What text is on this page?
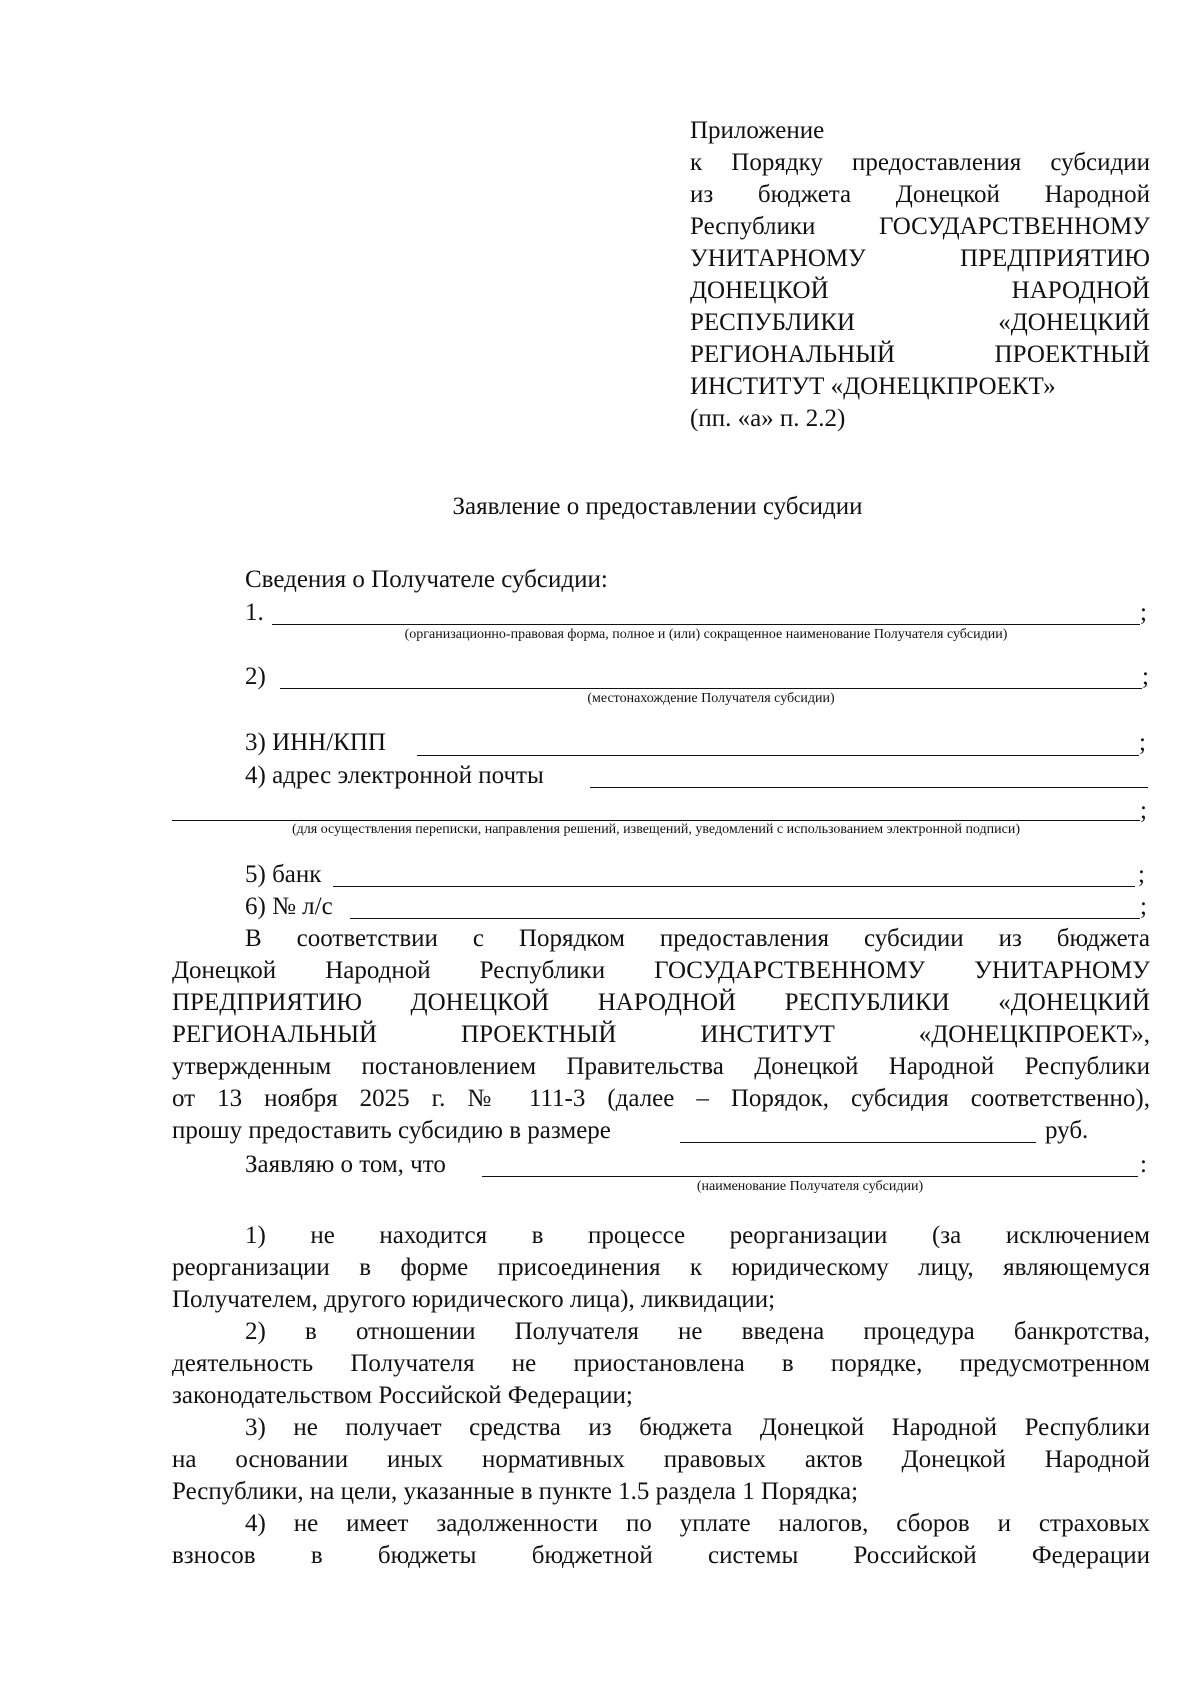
Приложение
к Порядку предоставления субсидии
из бюджета Донецкой Народной
Республики ГОСУДАРСТВЕННОМУ
УНИТАРНОМУ ПРЕДПРИЯТИЮ
ДОНЕЦКОЙ НАРОДНОЙ
РЕСПУБЛИКИ «ДОНЕЦКИЙ
РЕГИОНАЛЬНЫЙ ПРОЕКТНЫЙ
ИНСТИТУТ «ДОНЕЦКПРОЕКТ»
(пп. «а» п. 2.2)
Заявление о предоставлении субсидии
Сведения о Получателе субсидии:
1.	;
(организационно-правовая форма, полное и (или) сокращенное наименование Получателя субсидии)
2)	;
(местонахождение Получателя субсидии)
3) ИНН/КПП	;
4) адрес электронной почты
;
(для осуществления переписки, направления решений, извещений, уведомлений с использованием электронной подписи)
5) банк	;
6) № л/с	;
В соответствии с Порядком предоставления субсидии из бюджета
Донецкой Народной Республики ГОСУДАРСТВЕННОМУ УНИТАРНОМУ
ПРЕДПРИЯТИЮ ДОНЕЦКОЙ НАРОДНОЙ РЕСПУБЛИКИ «ДОНЕЦКИЙ
РЕГИОНАЛЬНЫЙ ПРОЕКТНЫЙ ИНСТИТУТ «ДОНЕЦКПРОЕКТ»,
утвержденным постановлением Правительства Донецкой Народной Республики
от 13 ноября 2025 г. № 111-3 (далее – Порядок, субсидия соответственно),
прошу предоставить субсидию в размере	руб.
Заявляю о том, что	:
(наименование Получателя субсидии)
1) не находится в процессе реорганизации (за исключением
реорганизации в форме присоединения к юридическому лицу, являющемуся
Получателем, другого юридического лица), ликвидации;
2) в отношении Получателя не введена процедура банкротства,
деятельность Получателя не приостановлена в порядке, предусмотренном
законодательством Российской Федерации;
3) не получает средства из бюджета Донецкой Народной Республики
на основании иных нормативных правовых актов Донецкой Народной
Республики, на цели, указанные в пункте 1.5 раздела 1 Порядка;
4) не имеет задолженности по уплате налогов, сборов и страховых
взносов в бюджеты бюджетной системы Российской Федерации
